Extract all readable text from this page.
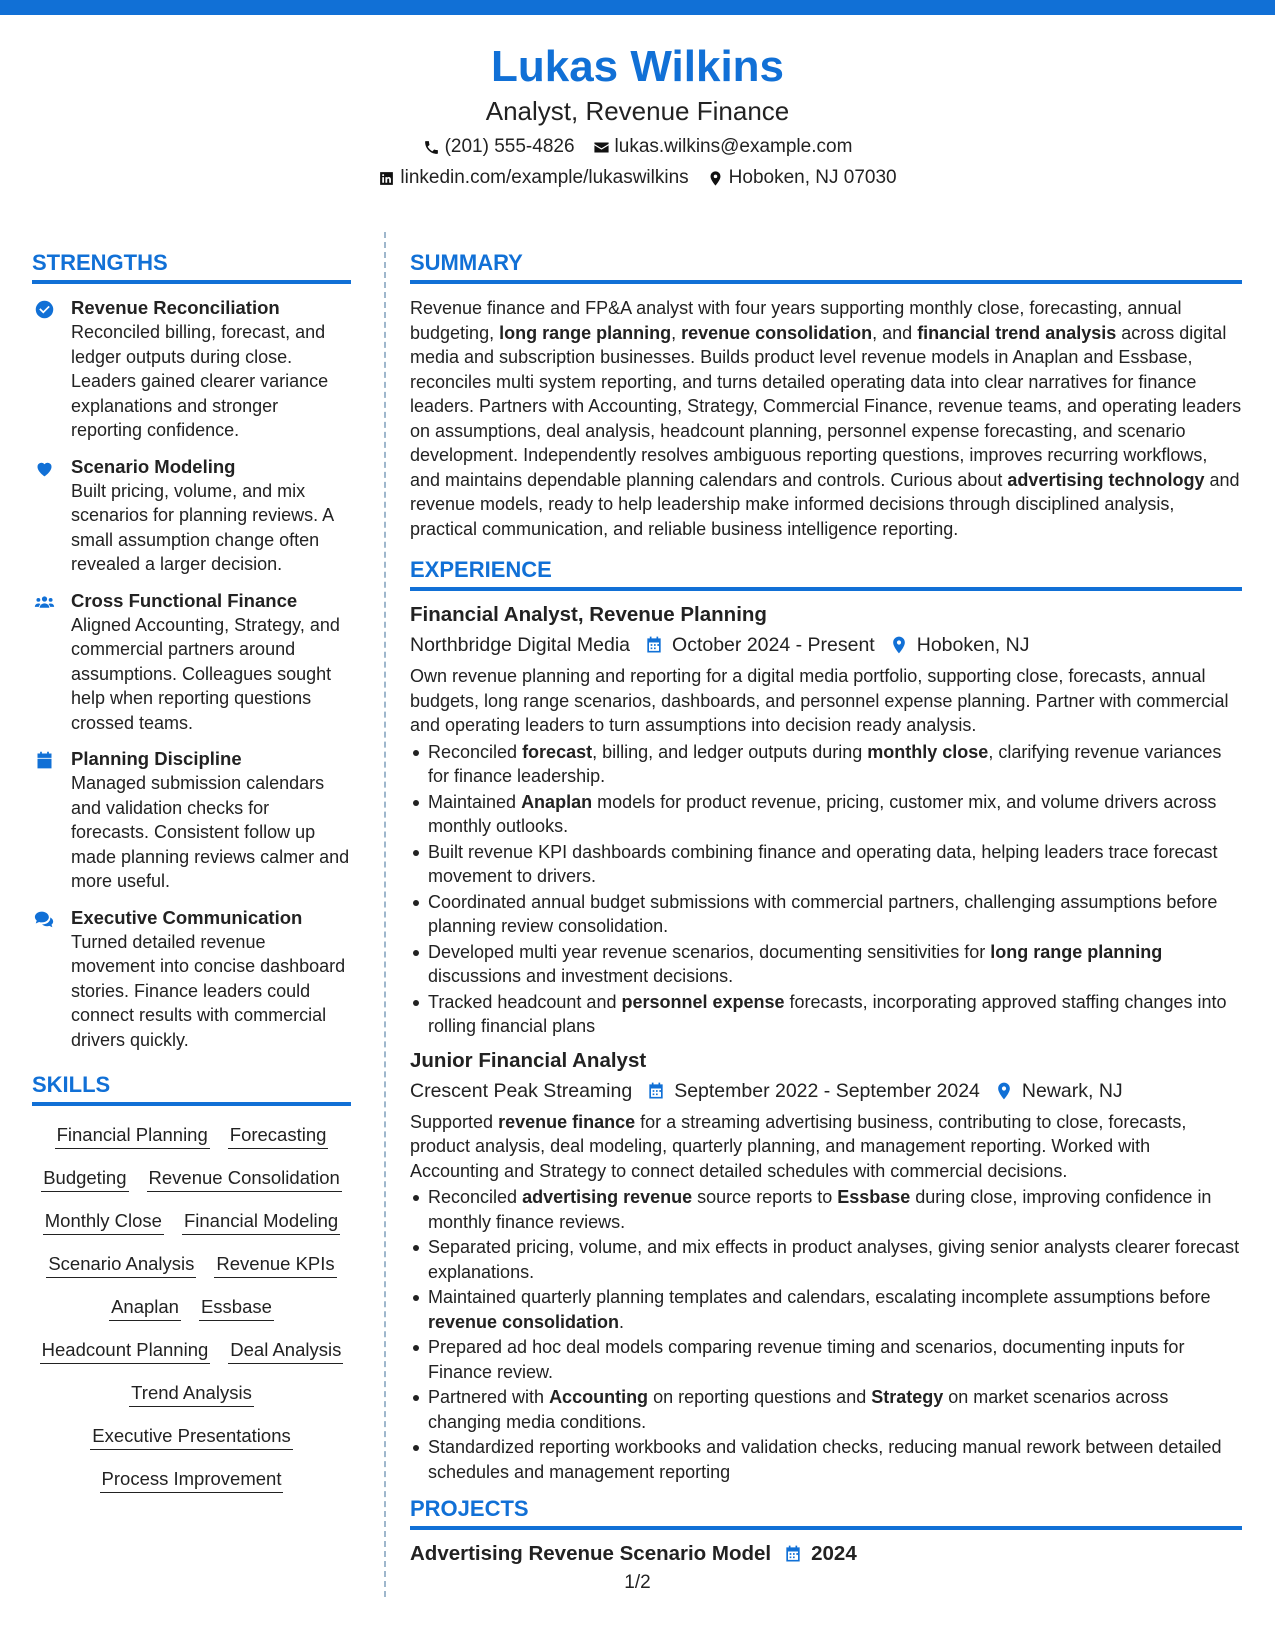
Lukas Wilkins
Analyst, Revenue Finance
(201) 555-4826 lukas.wilkins@example.com
linkedin.com/example/lukaswilkins Hoboken, NJ 07030
STRENGTHS
Revenue Reconciliation
Reconciled billing, forecast, and ledger outputs during close. Leaders gained clearer variance explanations and stronger reporting confidence.
Scenario Modeling
Built pricing, volume, and mix scenarios for planning reviews. A small assumption change often revealed a larger decision.
Cross Functional Finance
Aligned Accounting, Strategy, and commercial partners around assumptions. Colleagues sought help when reporting questions crossed teams.
Planning Discipline
Managed submission calendars and validation checks for forecasts. Consistent follow up made planning reviews calmer and more useful.
Executive Communication
Turned detailed revenue movement into concise dashboard stories. Finance leaders could connect results with commercial drivers quickly.
SKILLS
Financial Planning Forecasting
Budgeting Revenue Consolidation
Monthly Close Financial Modeling
Scenario Analysis Revenue KPIs
Anaplan Essbase
Headcount Planning Deal Analysis
Trend Analysis
Executive Presentations
Process Improvement
SUMMARY
Revenue finance and FP&A analyst with four years supporting monthly close, forecasting, annual budgeting, long range planning, revenue consolidation, and financial trend analysis across digital media and subscription businesses. Builds product level revenue models in Anaplan and Essbase, reconciles multi system reporting, and turns detailed operating data into clear narratives for finance leaders. Partners with Accounting, Strategy, Commercial Finance, revenue teams, and operating leaders on assumptions, deal analysis, headcount planning, personnel expense forecasting, and scenario development. Independently resolves ambiguous reporting questions, improves recurring workflows, and maintains dependable planning calendars and controls. Curious about advertising technology and revenue models, ready to help leadership make informed decisions through disciplined analysis, practical communication, and reliable business intelligence reporting.
EXPERIENCE
Financial Analyst, Revenue Planning
Northbridge Digital Media October 2024 - Present Hoboken, NJ
Own revenue planning and reporting for a digital media portfolio, supporting close, forecasts, annual budgets, long range scenarios, dashboards, and personnel expense planning. Partner with commercial and operating leaders to turn assumptions into decision ready analysis.
Reconciled forecast, billing, and ledger outputs during monthly close, clarifying revenue variances for finance leadership.
Maintained Anaplan models for product revenue, pricing, customer mix, and volume drivers across monthly outlooks.
Built revenue KPI dashboards combining finance and operating data, helping leaders trace forecast movement to drivers.
Coordinated annual budget submissions with commercial partners, challenging assumptions before planning review consolidation.
Developed multi year revenue scenarios, documenting sensitivities for long range planning discussions and investment decisions.
Tracked headcount and personnel expense forecasts, incorporating approved staffing changes into rolling financial plans
Junior Financial Analyst
Crescent Peak Streaming September 2022 - September 2024 Newark, NJ
Supported revenue finance for a streaming advertising business, contributing to close, forecasts, product analysis, deal modeling, quarterly planning, and management reporting. Worked with Accounting and Strategy to connect detailed schedules with commercial decisions.
Reconciled advertising revenue source reports to Essbase during close, improving confidence in monthly finance reviews.
Separated pricing, volume, and mix effects in product analyses, giving senior analysts clearer forecast explanations.
Maintained quarterly planning templates and calendars, escalating incomplete assumptions before revenue consolidation.
Prepared ad hoc deal models comparing revenue timing and scenarios, documenting inputs for Finance review.
Partnered with Accounting on reporting questions and Strategy on market scenarios across changing media conditions.
Standardized reporting workbooks and validation checks, reducing manual rework between detailed schedules and management reporting
PROJECTS
Advertising Revenue Scenario Model 2024
1/2
